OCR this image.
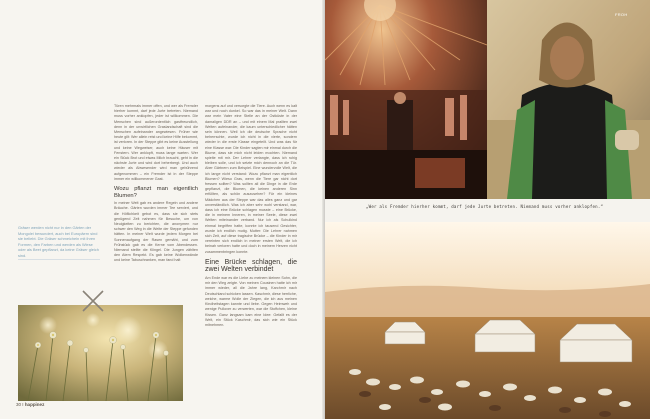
Türen mehrmals immer offen, und wer als Fremder hierher kommt, darf jede Jurte betreten. Niemand muss vorher anklopfen, jeder ist willkommen. Die Menschen sind außerordentlich gastfreundlich, denn in der unwirtlichen Graslandschaft sind die Menschen aufeinander angewiesen. Früher wie heute gilt: Wer allein reist und keine Hilfe bekommt, ist verloren. In der Steppe gibt es keine Ausstellung und keine Wegweiser, auch keine Häuser mit Fenstern. Wer anklopft, muss lange warten. Wer ein Stück Brot und etwas Milch braucht, geht in die nächste Jurte und wird dort beherbergt. Und auch wieder als Abwesender wird man gebührend aufgenommen – ein Fremder ist in der Steppe immer ein willkommener Gast.

Wozu pflanzt man eigentlich Blumen?

In meiner Welt gab es andere Regeln und andere Bräuche. Gärten wurden immer Tee serviert, und die Höflichkeit gebot es, dass sie sich stets genügend Zeit nahmen für Besuche, um von Neuigkeiten zu berichten, die anonymen nur schwer den Weg in die Weite der Steppe gefunden hätten. In meiner Welt wurde jedem Morgen bei Sonnenaufgang der Rasen gemäht, und zum Frühstück gab es die Kerne vom Abendessen. Niemand stellte die Klingel. Die Jungen zählten den Atem Respekt. Es gab keine Wolkenwände und keine Tabuschranken, man fand halt

morgens auf und versorgte die Tiere. Auch wenn es kalt war und noch dunkel. So war das in meiner Welt. Dann war mein Vater eine Stelle an der Ostküste in der damaligen DDR an – und mit einem Mal prallten zwei Welten aufeinander, die kaum unterschiedlicher hätten sein können. Weil ich die deutsche Sprache nicht beherrschte, wurde ich nicht in die vierte, sondern wieder in die erste Klasse eingeteilt. Und was das für eine Klasse war: Die Kinder sagten mir einmal durch die Blume, dass sie mich nicht leiden mochten. Niemand spielte mit mir. Der Lehrer verlangte, dass ich ruhig bleiben solle, und ich setzte mich dennoch an die Tür. Aber Gärtnern zum Beispiel. Eine wundervolle Welt, die ich lange nicht verstand: Wozu pflanzt man eigentlich Blumen? Wieso Gras, wenn die Tiere gar nicht dort fressen sollten? Was sollten all die Dinge in die Erde gepflanzt, die Blumen, die keinen anderen Sinn erfüllten, als schön auszusehen? Für ein kleines Mädchen aus der Steppe war das alles ganz und gar unverständlich. Was ich aber sehr wohl verstand, war, dass ich eine Brücke schlagen musste – eine Brücke, die in meinem Inneren, in meiner Seele, diese zwei Welten miteinander verband. Nur ich als Schulkind einmal begriffen hatte, konnte ich tausend Gesichter, wurde ich endlich mutig. Mutter: Die Lehrer nahmen sich Zeit, auf diese tragische Brücke – die Kinder in mir vereinten sich endlich in meiner ersten Welt, die ich beinah verloren hatte und doch in meinem Herzen nicht zusammenbringen konnte.

Eine Brücke schlagen, die zwei Welten verbindet

Am Ende war es die Liebe zu meinem kleinen Sohn, die mir den Weg zeigte. Von meinen Cousinen hatte ich mir immer wieder, all die Jahre lang, Karchmir nach Deutschland schicken lassen. Kaschmir, diese herrliche, weiche, warme Wolle der Ziegen, die ich aus meinen Kindheitstagen kannte und liebe. Gegen Heimweh und wenige Pullover zu verwerten, war die Stoffchen, kleine Kissen. Ganz langsam kam eine Idee: Gefallt es der Welt, ein Stück Kaschmir, das sich wie ein Stück mitnehmen.

Gräser werden nicht nur in den Gärten der Mongolei bewundert, auch bei Europäern sind sie beliebt. Die Gräser schmeicheln mit ihren Formen, den Farben und werden als Wiese oder als Beet gepflanzt, da keine Gräser gleich sind.
30 I happinez
FROH
„Wer als Fremder hierher kommt, darf jede Jurte betreten. Niemand muss vorher anklopfen.“
